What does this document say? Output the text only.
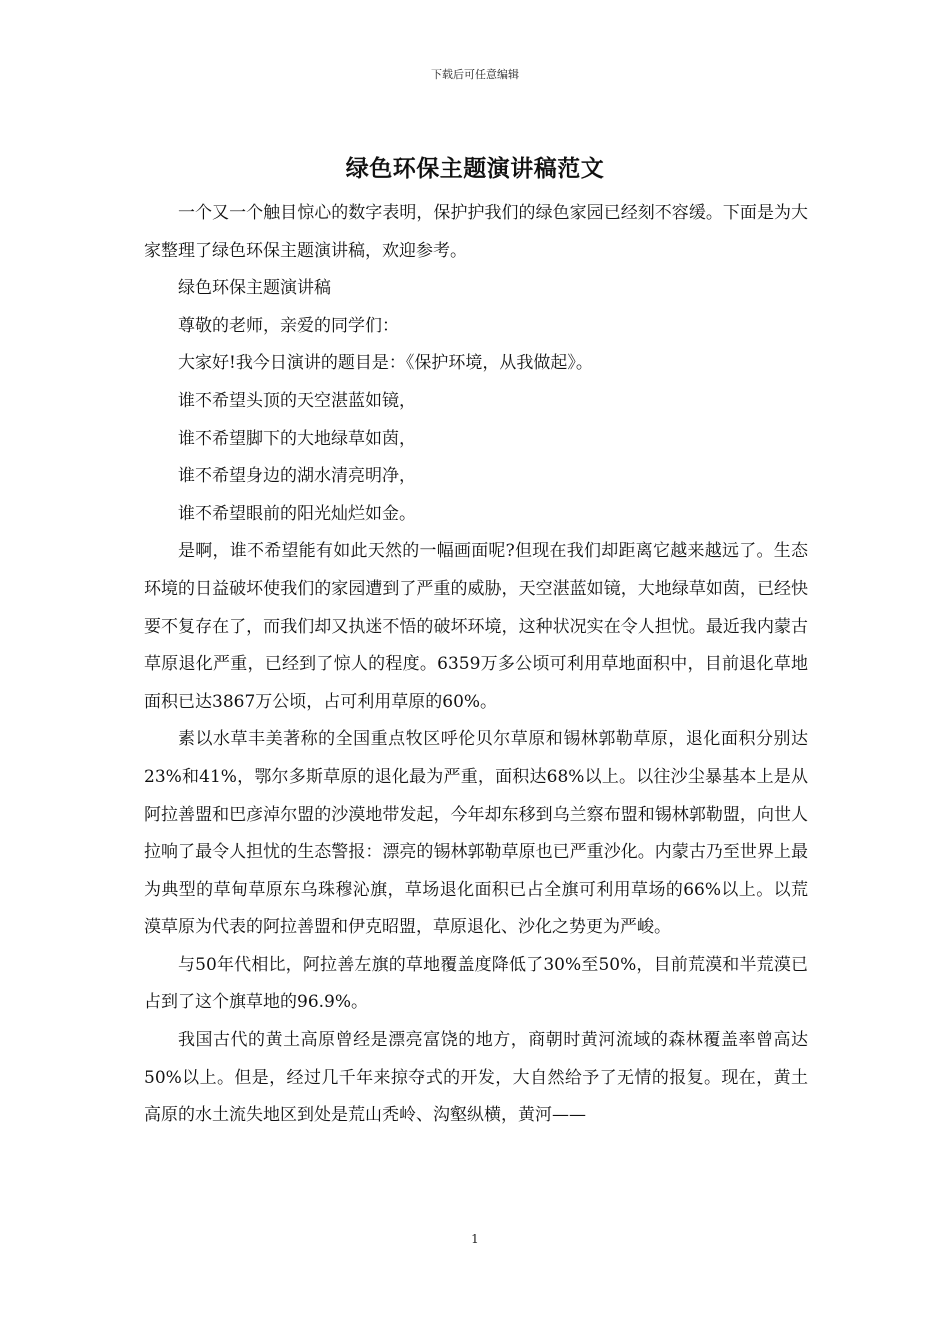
下载后可任意编辑
绿色环保主题演讲稿范文

一个又一个触目惊心的数字表明，保护护我们的绿色家园已经刻不容缓。下面是为大家整理了绿色环保主题演讲稿，欢迎参考。

绿色环保主题演讲稿

尊敬的老师，亲爱的同学们：

大家好!我今日演讲的题目是：《保护环境，从我做起》。

谁不希望头顶的天空湛蓝如镜，

谁不希望脚下的大地绿草如茵，

谁不希望身边的湖水清亮明净，

谁不希望眼前的阳光灿烂如金。

是啊，谁不希望能有如此天然的一幅画面呢?但现在我们却距离它越来越远了。生态环境的日益破坏使我们的家园遭到了严重的威胁，天空湛蓝如镜，大地绿草如茵，已经快要不复存在了，而我们却又执迷不悟的破坏环境，这种状况实在令人担忧。最近我内蒙古草原退化严重，已经到了惊人的程度。6359万多公顷可利用草地面积中，目前退化草地面积已达3867万公顷，占可利用草原的60%。

素以水草丰美著称的全国重点牧区呼伦贝尔草原和锡林郭勒草原，退化面积分别达23%和41%，鄂尔多斯草原的退化最为严重，面积达68%以上。以往沙尘暴基本上是从阿拉善盟和巴彦淖尔盟的沙漠地带发起，今年却东移到乌兰察布盟和锡林郭勒盟，向世人拉响了最令人担忧的生态警报：漂亮的锡林郭勒草原也已严重沙化。内蒙古乃至世界上最为典型的草甸草原东乌珠穆沁旗，草场退化面积已占全旗可利用草场的66%以上。以荒漠草原为代表的阿拉善盟和伊克昭盟，草原退化、沙化之势更为严峻。

与50年代相比，阿拉善左旗的草地覆盖度降低了30%至50%，目前荒漠和半荒漠已占到了这个旗草地的96.9%。

我国古代的黄土高原曾经是漂亮富饶的地方，商朝时黄河流域的森林覆盖率曾高达50%以上。但是，经过几千年来掠夺式的开发，大自然给予了无情的报复。现在，黄土高原的水土流失地区到处是荒山秃岭、沟壑纵横，黄河——

1
